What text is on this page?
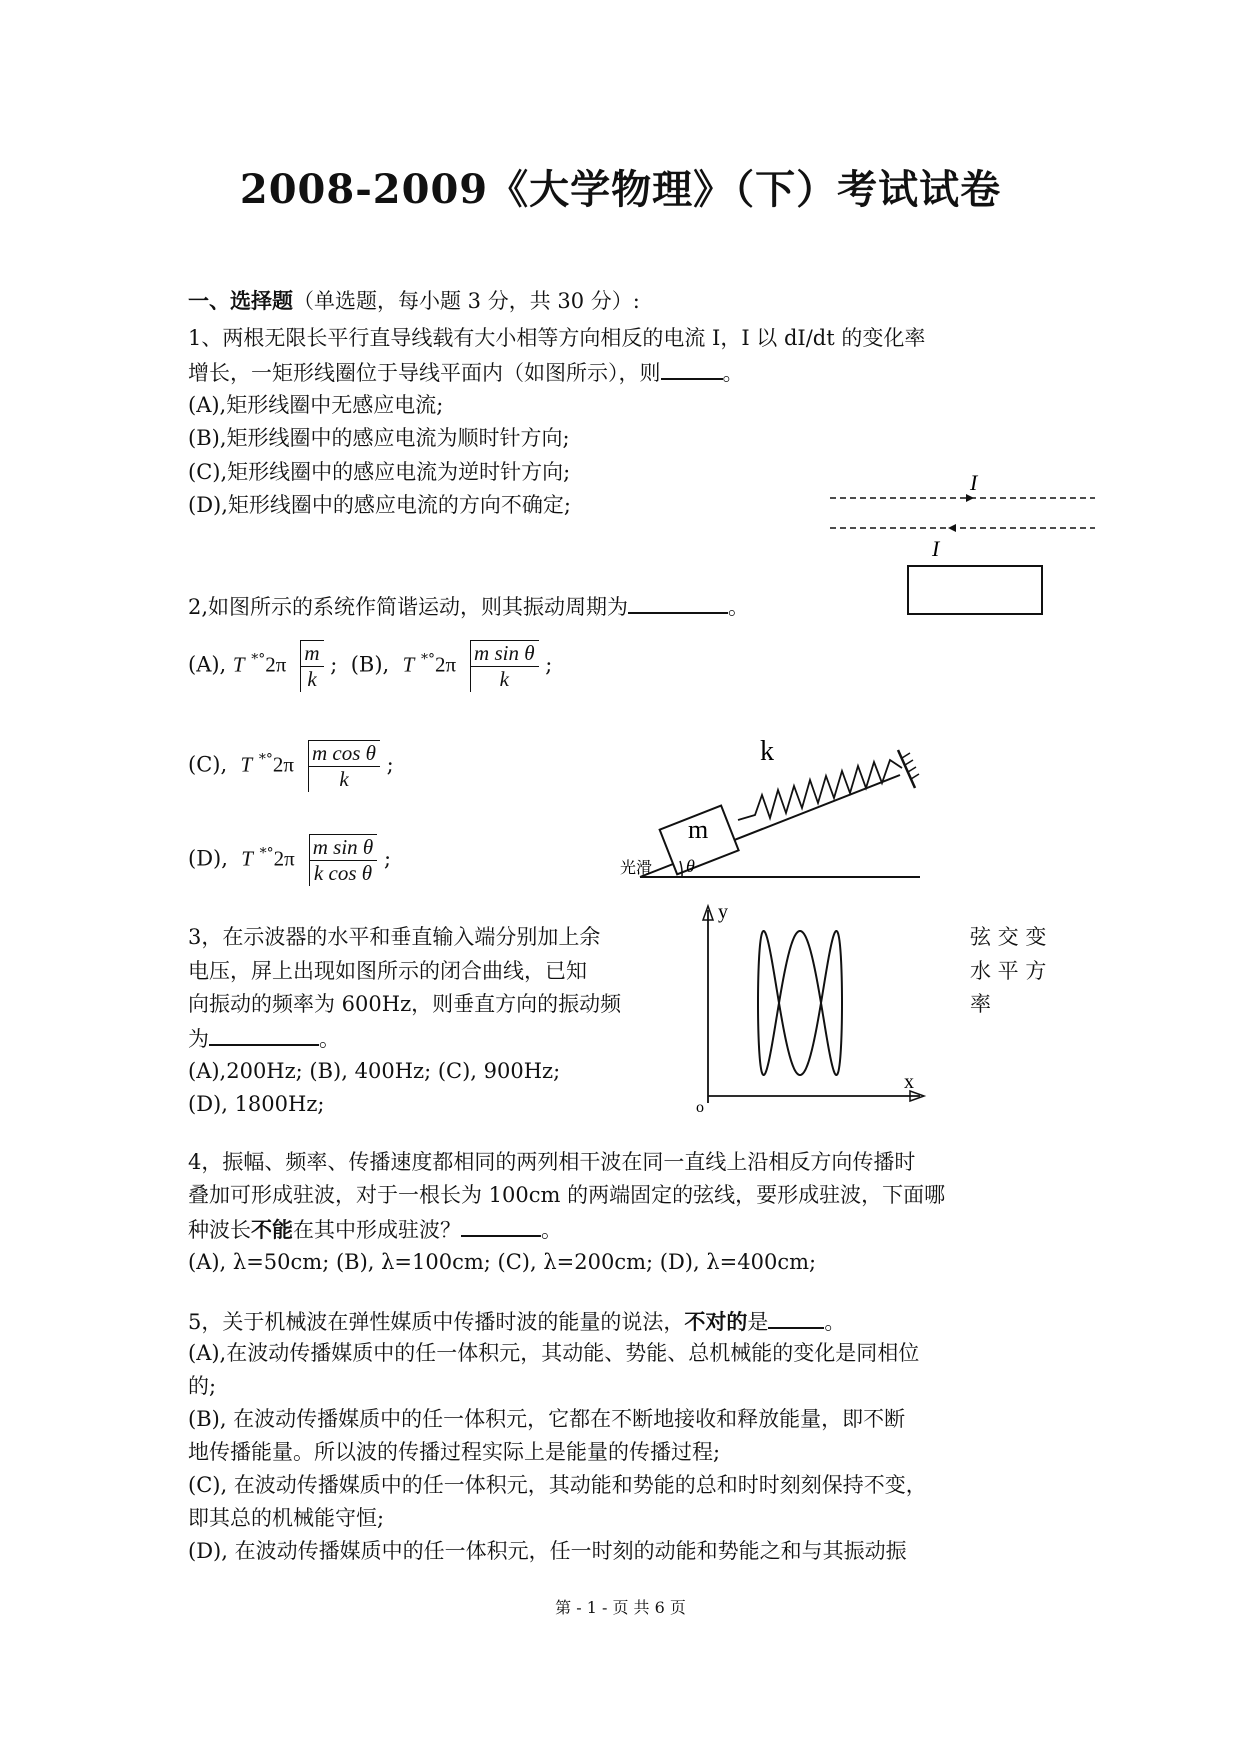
2008-2009《大学物理》（下）考试试卷
一、选择题（单选题，每小题 3 分，共 30 分）:
1、两根无限长平行直导线载有大小相等方向相反的电流 I，I 以 dI/dt 的变化率
增长，一矩形线圈位于导线平面内（如图所示），则	。
(A),矩形线圈中无感应电流;
(B),矩形线圈中的感应电流为顺时针方向;
(C),矩形线圈中的感应电流为逆时针方向;
(D),矩形线圈中的感应电流的方向不确定;
I
I
2,如图所示的系统作简谐运动，则其振动周期为	。
(A), T $^{*^\circ}2\pi \frac{m}{k}$ ; (B), T $^{*^\circ}2\pi \frac{\text{m sin θ}}{k}$ ;
(C), T $^{*^\circ}2\pi \frac{\text{m cos θ}}{k}$ ;
(D), T $^{*^\circ}2\pi \frac{\text{m sin θ}}{\text{k cos θ}}$ ;
m
k
光滑 θ
3，在示波器的水平和垂直输入端分别加上余
电压，屏上出现如图所示的闭合曲线，已知
向振动的频率为 600Hz，则垂直方向的振动频
为	。
弦 交 变
水 平 方
率
(A),200Hz; (B), 400Hz; (C), 900Hz;
(D), 1800Hz;
y
x
o
4，振幅、频率、传播速度都相同的两列相干波在同一直线上沿相反方向传播时
叠加可形成驻波，对于一根长为 100cm 的两端固定的弦线，要形成驻波，下面哪
种波长不能在其中形成驻波？	。
(A), λ=50cm; (B), λ=100cm; (C), λ=200cm; (D), λ=400cm;
5，关于机械波在弹性媒质中传播时波的能量的说法，不对的是	。
(A),在波动传播媒质中的任一体积元，其动能、势能、总机械能的变化是同相位
的;
(B), 在波动传播媒质中的任一体积元，它都在不断地接收和释放能量，即不断
地传播能量。所以波的传播过程实际上是能量的传播过程;
(C), 在波动传播媒质中的任一体积元，其动能和势能的总和时时刻刻保持不变，
即其总的机械能守恒;
(D), 在波动传播媒质中的任一体积元，任一时刻的动能和势能之和与其振动振
第 - 1 - 页 共 6 页
